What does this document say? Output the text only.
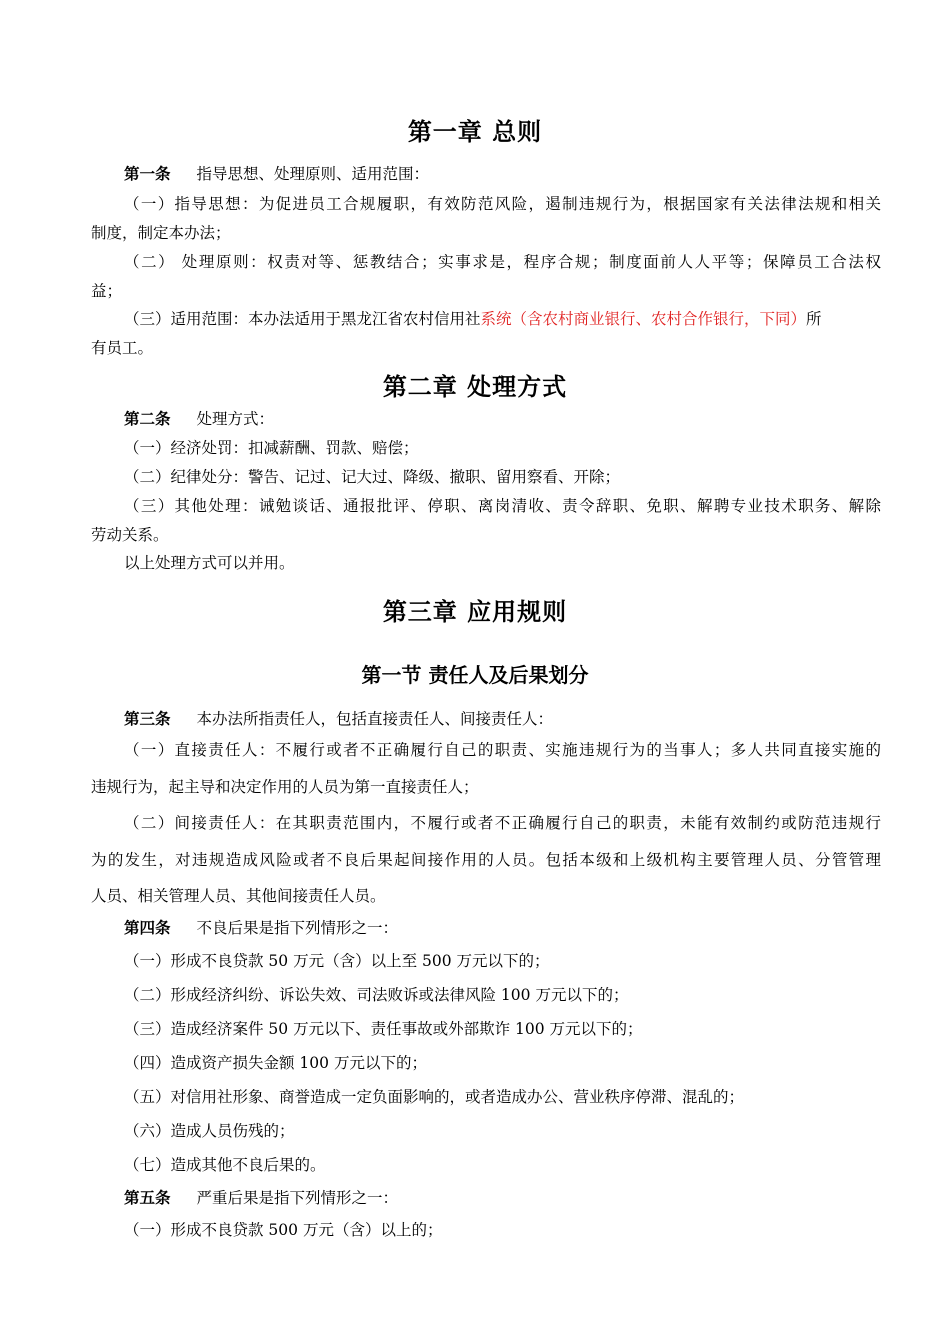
第一章 总则
第一条 指导思想、处理原则、适用范围：
（一）指导思想：为促进员工合规履职，有效防范风险，遏制违规行为，根据国家有关法律法规和相关
制度，制定本办法；
（二） 处理原则：权责对等、惩教结合；实事求是，程序合规；制度面前人人平等；保障员工合法权
益；
（三）适用范围：本办法适用于黑龙江省农村信用社系统（含农村商业银行、农村合作银行，下同）所
有员工。
第二章 处理方式
第二条 处理方式：
（一）经济处罚：扣减薪酬、罚款、赔偿；
（二）纪律处分：警告、记过、记大过、降级、撤职、留用察看、开除；
（三）其他处理：诫勉谈话、通报批评、停职、离岗清收、责令辞职、免职、解聘专业技术职务、解除
劳动关系。
以上处理方式可以并用。
第三章 应用规则
第一节 责任人及后果划分
第三条 本办法所指责任人，包括直接责任人、间接责任人：
（一）直接责任人：不履行或者不正确履行自己的职责、实施违规行为的当事人；多人共同直接实施的
违规行为，起主导和决定作用的人员为第一直接责任人；
（二）间接责任人：在其职责范围内，不履行或者不正确履行自己的职责，未能有效制约或防范违规行
为的发生，对违规造成风险或者不良后果起间接作用的人员。包括本级和上级机构主要管理人员、分管管理
人员、相关管理人员、其他间接责任人员。
第四条 不良后果是指下列情形之一：
（一）形成不良贷款 50 万元（含）以上至 500 万元以下的；
（二）形成经济纠纷、诉讼失效、司法败诉或法律风险 100 万元以下的；
（三）造成经济案件 50 万元以下、责任事故或外部欺诈 100 万元以下的；
（四）造成资产损失金额 100 万元以下的；
（五）对信用社形象、商誉造成一定负面影响的，或者造成办公、营业秩序停滞、混乱的；
（六）造成人员伤残的；
（七）造成其他不良后果的。
第五条 严重后果是指下列情形之一：
（一）形成不良贷款 500 万元（含）以上的；
